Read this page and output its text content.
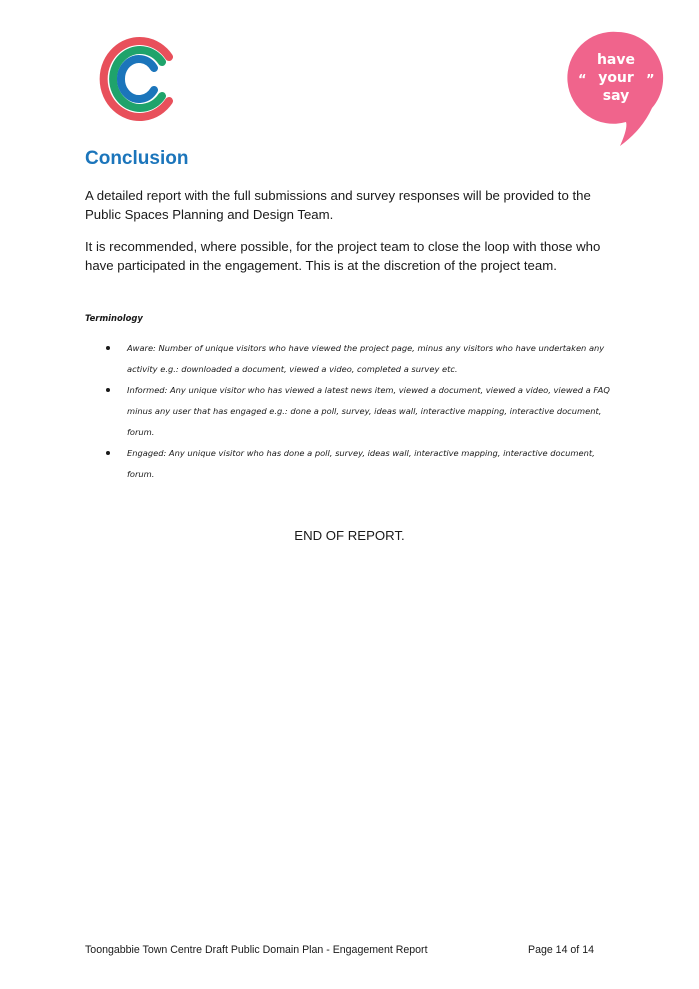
have
your
say
“	”
Conclusion

A detailed report with the full submissions and survey responses will be provided to the Public Spaces Planning and Design Team.

It is recommended, where possible, for the project team to close the loop with those who have participated in the engagement. This is at the discretion of the project team.

Terminology

Aware: Number of unique visitors who have viewed the project page, minus any visitors who have undertaken any activity e.g.: downloaded a document, viewed a video, completed a survey etc.
Informed: Any unique visitor who has viewed a latest news item, viewed a document, viewed a video, viewed a FAQ minus any user that has engaged e.g.: done a poll, survey, ideas wall, interactive mapping, interactive document, forum.
Engaged: Any unique visitor who has done a poll, survey, ideas wall, interactive mapping, interactive document, forum.

END OF REPORT.

Toongabbie Town Centre Draft Public Domain Plan - Engagement Report	Page 14 of 14
